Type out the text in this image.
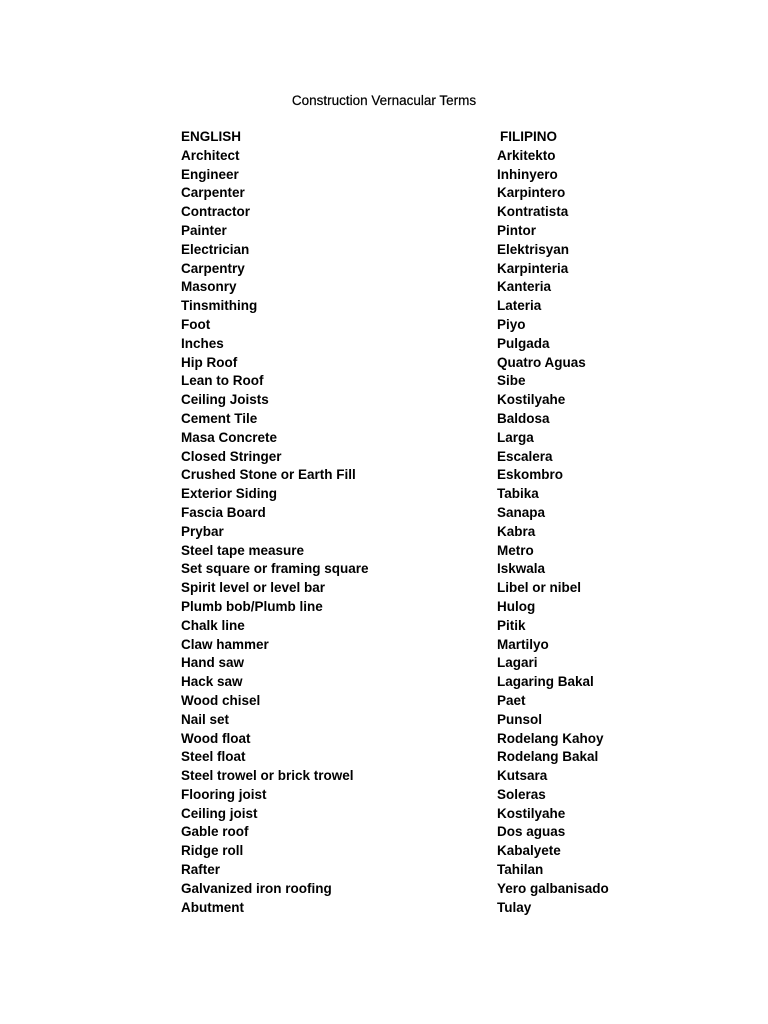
Construction Vernacular Terms
ENGLISH	FILIPINO
Architect	Arkitekto
Engineer	Inhinyero
Carpenter	Karpintero
Contractor	Kontratista
Painter	Pintor
Electrician	Elektrisyan
Carpentry	Karpinteria
Masonry	Kanteria
Tinsmithing	Lateria
Foot	Piyo
Inches	Pulgada
Hip Roof	Quatro Aguas
Lean to Roof	Sibe
Ceiling Joists	Kostilyahe
Cement Tile	Baldosa
Masa Concrete	Larga
Closed Stringer	Escalera
Crushed Stone or Earth Fill	Eskombro
Exterior Siding	Tabika
Fascia Board	Sanapa
Prybar	Kabra
Steel tape measure	Metro
Set square or framing square	Iskwala
Spirit level or level bar	Libel or nibel
Plumb bob/Plumb line	Hulog
Chalk line	Pitik
Claw hammer	Martilyo
Hand saw	Lagari
Hack saw	Lagaring Bakal
Wood chisel	Paet
Nail set	Punsol
Wood float	Rodelang Kahoy
Steel float	Rodelang Bakal
Steel trowel or brick trowel	Kutsara
Flooring joist	Soleras
Ceiling joist	Kostilyahe
Gable roof	Dos aguas
Ridge roll	Kabalyete
Rafter	Tahilan
Galvanized iron roofing	Yero galbanisado
Abutment	Tulay
